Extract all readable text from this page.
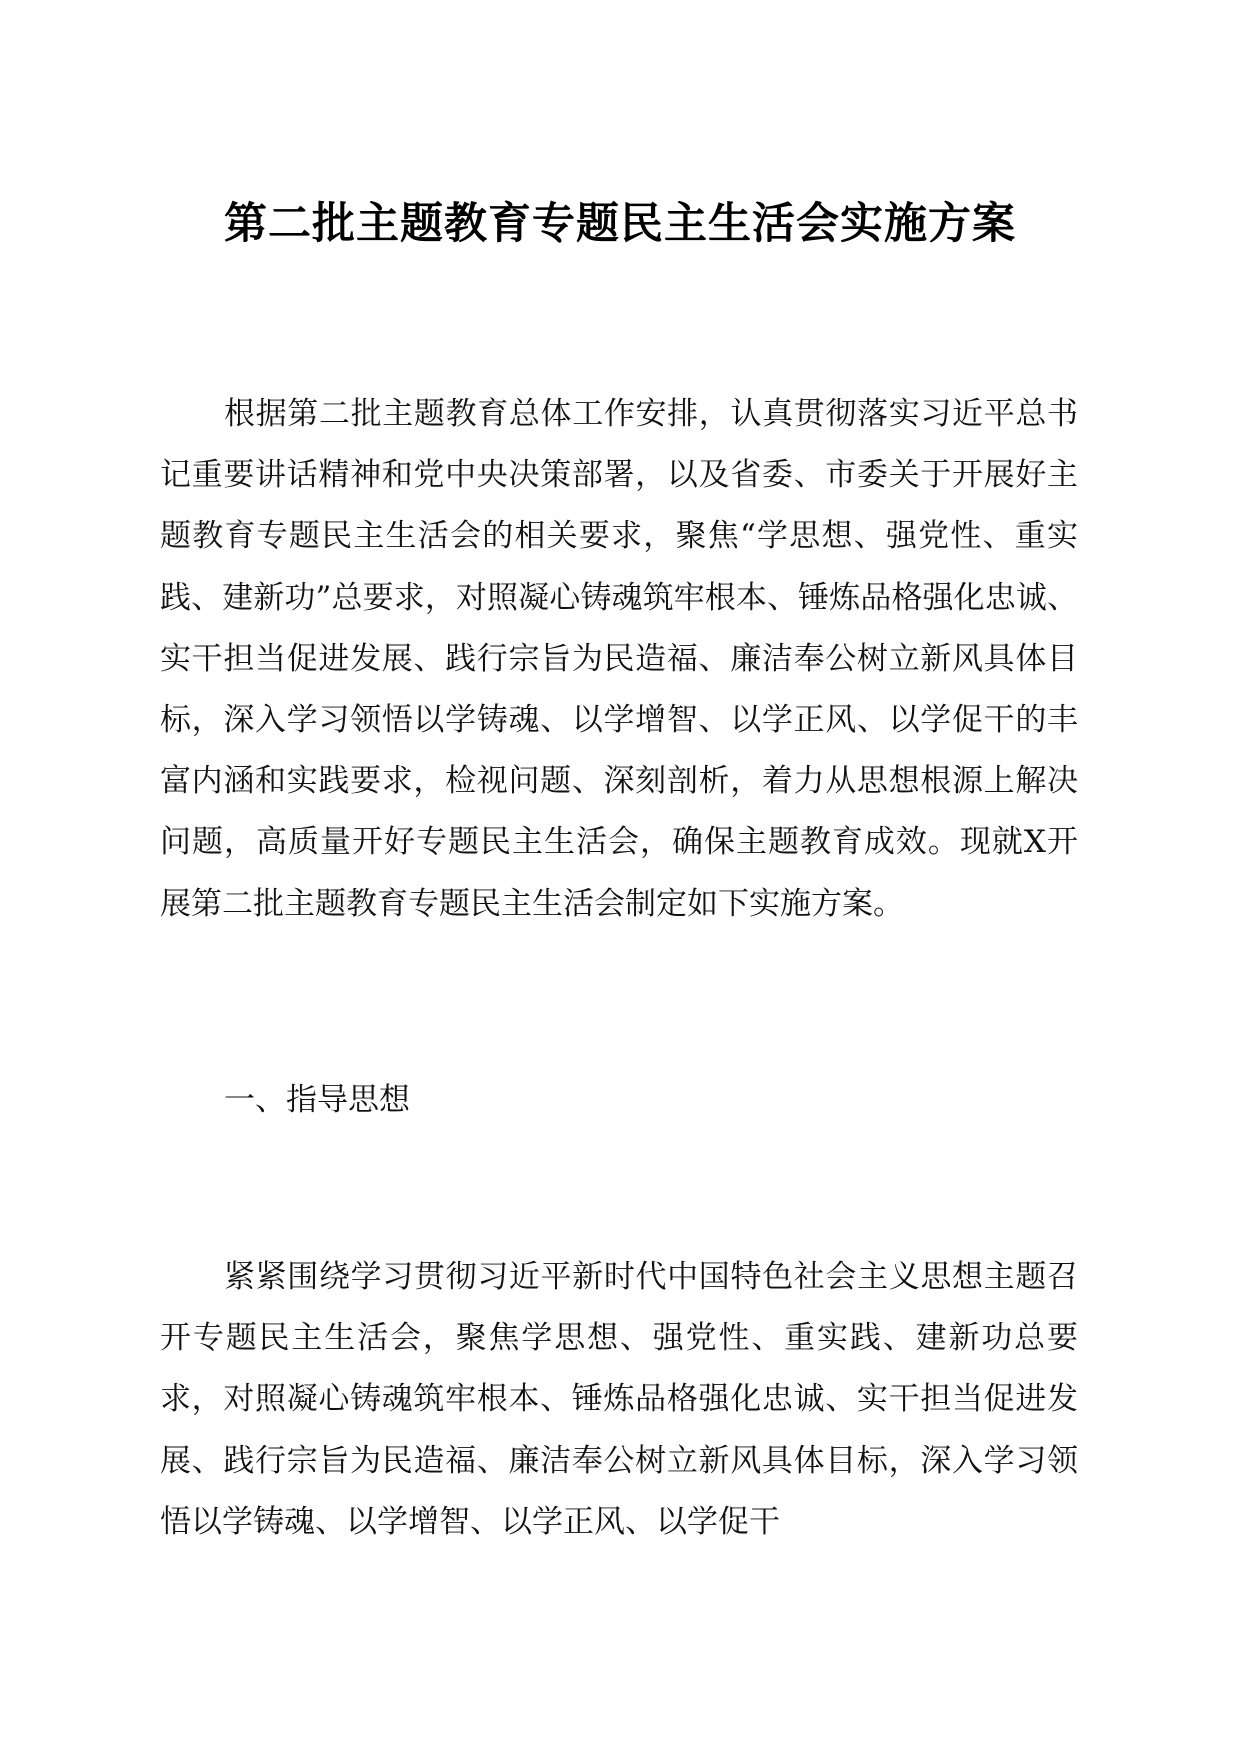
第二批主题教育专题民主生活会实施方案

根据第二批主题教育总体工作安排，认真贯彻落实习近平总书记重要讲话精神和党中央决策部署，以及省委、市委关于开展好主题教育专题民主生活会的相关要求，聚焦“学思想、强党性、重实践、建新功”总要求，对照凝心铸魂筑牢根本、锤炼品格强化忠诚、实干担当促进发展、践行宗旨为民造福、廉洁奉公树立新风具体目标，深入学习领悟以学铸魂、以学增智、以学正风、以学促干的丰富内涵和实践要求，检视问题、深刻剖析，着力从思想根源上解决问题，高质量开好专题民主生活会，确保主题教育成效。现就X开展第二批主题教育专题民主生活会制定如下实施方案。

一、指导思想

紧紧围绕学习贯彻习近平新时代中国特色社会主义思想主题召开专题民主生活会，聚焦学思想、强党性、重实践、建新功总要求，对照凝心铸魂筑牢根本、锤炼品格强化忠诚、实干担当促进发展、践行宗旨为民造福、廉洁奉公树立新风具体目标，深入学习领悟以学铸魂、以学增智、以学正风、以学促干
